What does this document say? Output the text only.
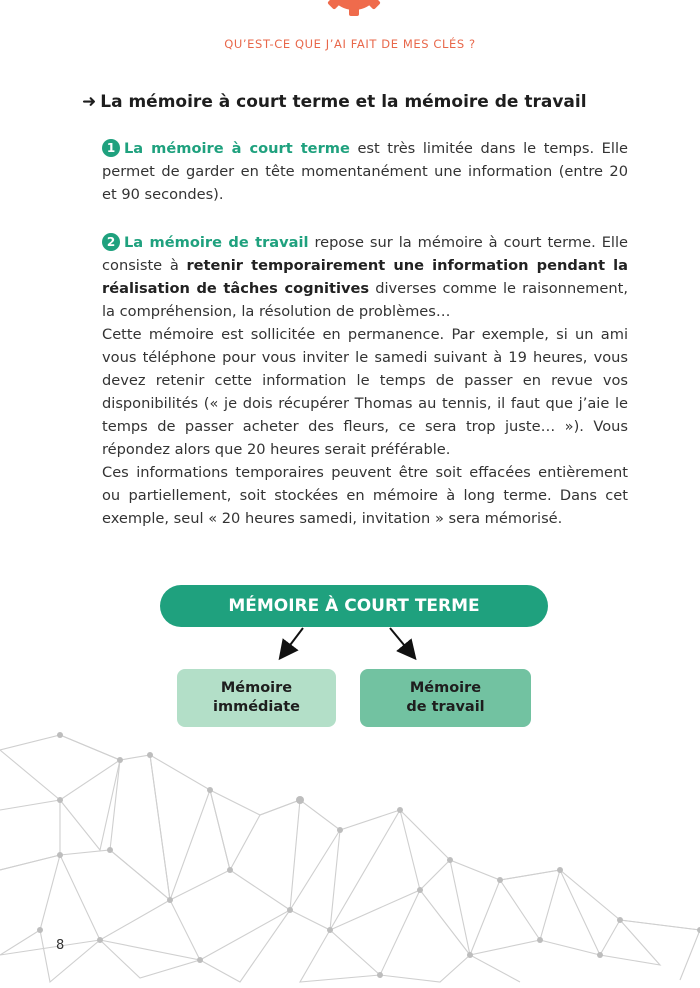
QU’EST-CE QUE J’AI FAIT DE MES CLÉS ?
➜ La mémoire à court terme et la mémoire de travail
1 La mémoire à court terme est très limitée dans le temps. Elle permet de garder en tête momentanément une information (entre 20 et 90 secondes).
2 La mémoire de travail repose sur la mémoire à court terme. Elle consiste à retenir temporairement une information pendant la réalisation de tâches cognitives diverses comme le raisonnement, la compréhension, la résolution de problèmes…
Cette mémoire est sollicitée en permanence. Par exemple, si un ami vous téléphone pour vous inviter le samedi suivant à 19 heures, vous devez retenir cette information le temps de passer en revue vos disponibilités (« je dois récupérer Thomas au tennis, il faut que j’aie le temps de passer acheter des fleurs, ce sera trop juste… »). Vous répondez alors que 20 heures serait préférable.
Ces informations temporaires peuvent être soit effacées entièrement ou partiellement, soit stockées en mémoire à long terme. Dans cet exemple, seul « 20 heures samedi, invitation » sera mémorisé.
MÉMOIRE À COURT TERME
Mémoire
immédiate
Mémoire
de travail
8
